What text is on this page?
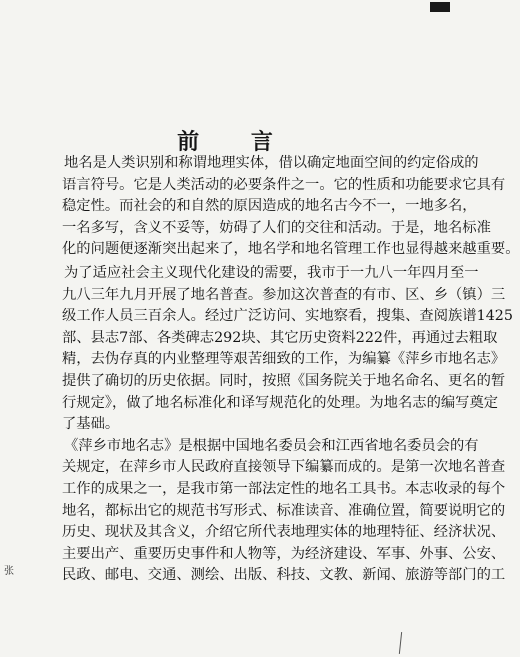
前 言
地名是人类识别和称谓地理实体，借以确定地面空间的约定俗成的
语言符号。它是人类活动的必要条件之一。它的性质和功能要求它具有
稳定性。而社会的和自然的原因造成的地名古今不一，一地多名，
一名多写，含义不妥等，妨碍了人们的交往和活动。于是，地名标准
化的问题便逐渐突出起来了，地名学和地名管理工作也显得越来越重要。
为了适应社会主义现代化建设的需要，我市于一九八一年四月至一
九八三年九月开展了地名普查。参加这次普查的有市、区、乡（镇）三
级工作人员三百余人。经过广泛访问、实地察看，搜集、查阅族谱1425
部、县志7部、各类碑志292块、其它历史资料222件，再通过去粗取
精，去伪存真的内业整理等艰苦细致的工作，为编纂《萍乡市地名志》
提供了确切的历史依据。同时，按照《国务院关于地名命名、更名的暂
行规定》，做了地名标准化和译写规范化的处理。为地名志的编写奠定
了基础。
《萍乡市地名志》是根据中国地名委员会和江西省地名委员会的有
关规定，在萍乡市人民政府直接领导下编纂而成的。是第一次地名普查
工作的成果之一，是我市第一部法定性的地名工具书。本志收录的每个
地名，都标出它的规范书写形式、标准读音、准确位置，简要说明它的
历史、现状及其含义，介绍它所代表地理实体的地理特征、经济状况、
主要出产、重要历史事件和人物等，为经济建设、军事、外事、公安、
民政、邮电、交通、测绘、出版、科技、文教、新闻、旅游等部门的工
张
